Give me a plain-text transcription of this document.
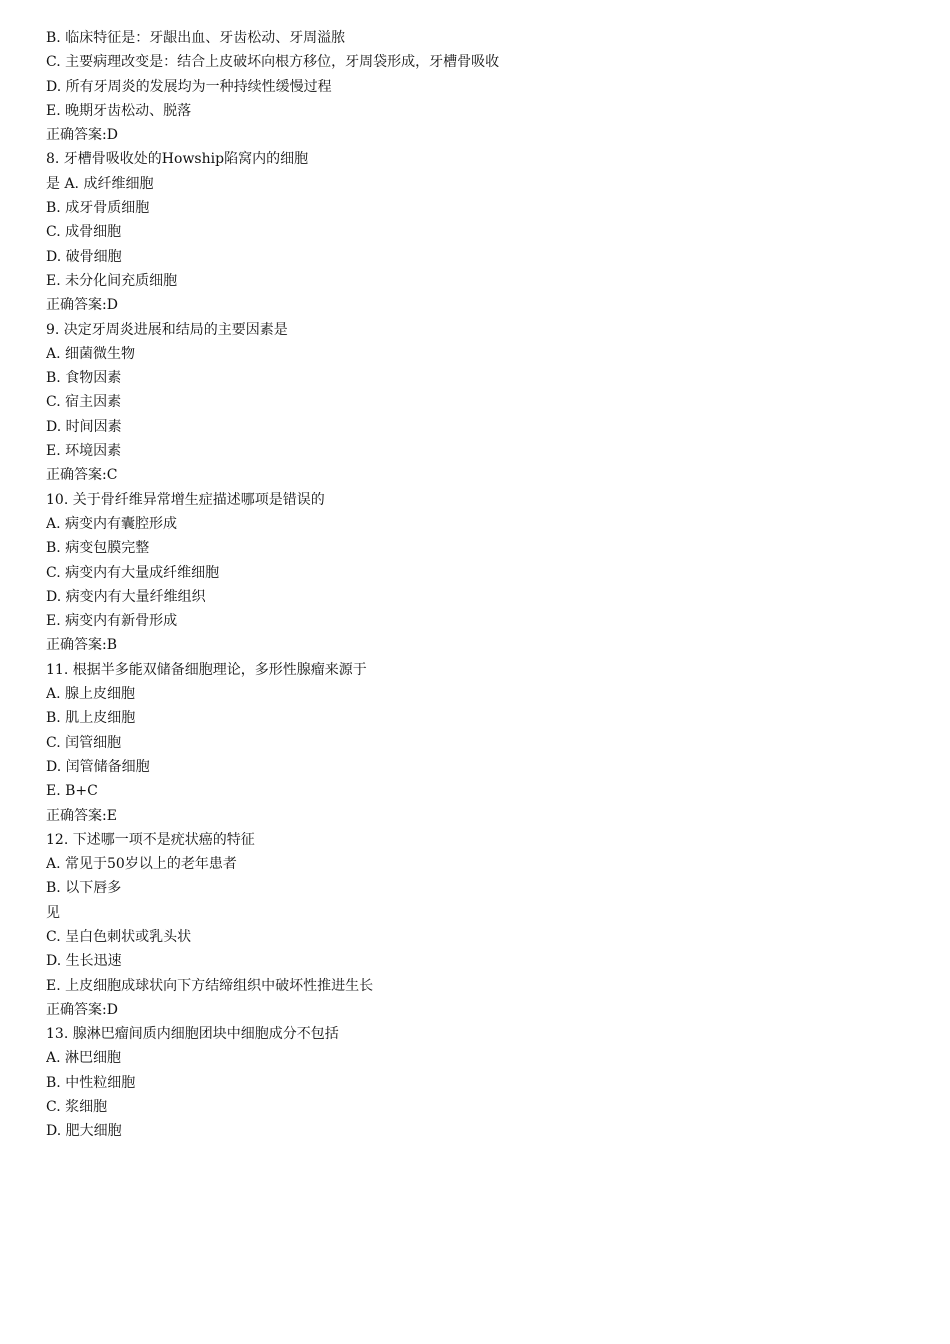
B. 临床特征是：牙龈出血、牙齿松动、牙周溢脓
C. 主要病理改变是：结合上皮破坏向根方移位，牙周袋形成，牙槽骨吸收
D. 所有牙周炎的发展均为一种持续性缓慢过程
E. 晚期牙齿松动、脱落
正确答案:D
8. 牙槽骨吸收处的Howship陷窝内的细胞
是 A. 成纤维细胞
B. 成牙骨质细胞
C. 成骨细胞
D. 破骨细胞
E. 未分化间充质细胞
正确答案:D
9. 决定牙周炎进展和结局的主要因素是
A. 细菌微生物
B. 食物因素
C. 宿主因素
D. 时间因素
E. 环境因素
正确答案:C
10. 关于骨纤维异常增生症描述哪项是错误的
A. 病变内有囊腔形成
B. 病变包膜完整
C. 病变内有大量成纤维细胞
D. 病变内有大量纤维组织
E. 病变内有新骨形成
正确答案:B
11. 根据半多能双储备细胞理论，多形性腺瘤来源于
A. 腺上皮细胞
B. 肌上皮细胞
C. 闰管细胞
D. 闰管储备细胞
E. B+C
正确答案:E
12. 下述哪一项不是疣状癌的特征
A. 常见于50岁以上的老年患者
B. 以下唇多
见
C. 呈白色刺状或乳头状
D. 生长迅速
E. 上皮细胞成球状向下方结缔组织中破坏性推进生长
正确答案:D
13. 腺淋巴瘤间质内细胞团块中细胞成分不包括
A. 淋巴细胞
B. 中性粒细胞
C. 浆细胞
D. 肥大细胞
